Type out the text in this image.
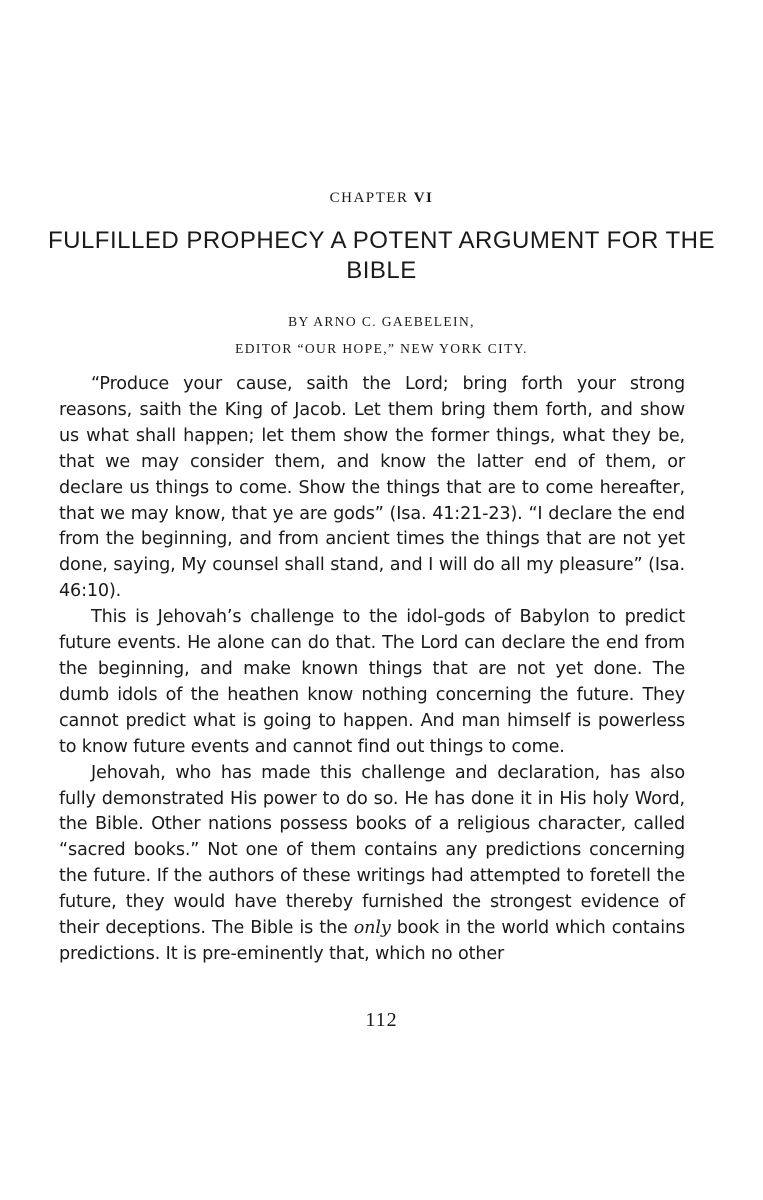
CHAPTER VI
FULFILLED PROPHECY A POTENT ARGUMENT FOR THE BIBLE
BY ARNO C. GAEBELEIN,
EDITOR “OUR HOPE,” NEW YORK CITY.

“Produce your cause, saith the Lord; bring forth your strong reasons, saith the King of Jacob. Let them bring them forth, and show us what shall happen; let them show the former things, what they be, that we may consider them, and know the latter end of them, or declare us things to come. Show the things that are to come hereafter, that we may know, that ye are gods” (Isa. 41:21-23). “I declare the end from the beginning, and from ancient times the things that are not yet done, saying, My counsel shall stand, and I will do all my pleasure” (Isa. 46:10).

This is Jehovah’s challenge to the idol-gods of Babylon to predict future events. He alone can do that. The Lord can declare the end from the beginning, and make known things that are not yet done. The dumb idols of the heathen know nothing concerning the future. They cannot predict what is going to happen. And man himself is powerless to know future events and cannot find out things to come.

Jehovah, who has made this challenge and declaration, has also fully demonstrated His power to do so. He has done it in His holy Word, the Bible. Other nations possess books of a religious character, called “sacred books.” Not one of them contains any predictions concerning the future. If the authors of these writings had attempted to foretell the future, they would have thereby furnished the strongest evidence of their deceptions. The Bible is the only book in the world which contains predictions. It is pre-eminently that, which no other

112
